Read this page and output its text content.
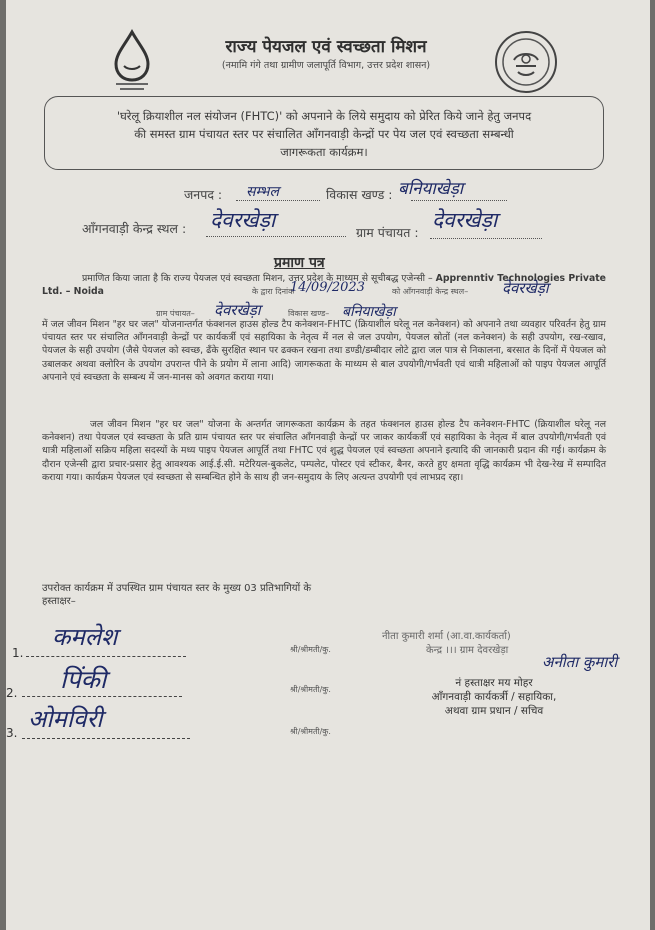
राज्य पेयजल एवं स्वच्छता मिशन
(नमामि गंगे तथा ग्रामीण जलापूर्ति विभाग, उत्तर प्रदेश शासन)
'घरेलू क्रियाशील नल संयोजन (FHTC)' को अपनाने के लिये समुदाय को प्रेरित किये जाने हेतु जनपद
की समस्त ग्राम पंचायत स्तर पर संचालित ऑंगनवाड़ी केन्द्रों पर पेय जल एवं स्वच्छता सम्बन्धी
जागरूकता कार्यक्रम।
जनपद : सम्भल	विकास खण्ड : बनियाखेड़ा
ऑंगनवाड़ी केन्द्र स्थल : देवरखेड़ा
ग्राम पंचायत :
देवरखेड़ा
प्रमाण पत्र
प्रमाणित किया जाता है कि राज्य पेयजल एवं स्वच्छता मिशन, उत्तर प्रदेश के माध्यम से सूचीबद्ध एजेन्सी – Apprenntiv Technologies Private Ltd. – Noida	के द्वारा दिनांक
14/09/2023	को ऑंगनवाड़ी केन्द्र स्थल– देवरखेड़ा
ग्राम पंचायत– देवरखेड़ा	विकास खण्ड– बनियाखेड़ा
में जल जीवन मिशन "हर घर जल" योजनान्तर्गत फंक्शनल हाउस होल्ड टैप कनेक्शन-FHTC (क्रियाशील घरेलू नल कनेक्शन) को अपनाने तथा व्यवहार परिवर्तन हेतु ग्राम पंचायत स्तर पर संचालित ऑंगनवाड़ी केन्द्रों पर कार्यकर्त्री एवं सहायिका के नेतृत्व में नल से जल उपयोग, पेयजल स्रोतों (नल कनेक्शन) के सही उपयोग, रख-रखाव, पेयजल के सही उपयोग (जैसे पेयजल को स्वच्छ, ढँके सुरक्षित स्थान पर ढक्कन रखना तथा डण्डी/डम्बीदार लोटे द्वारा जल पात्र से निकालना, बरसात के दिनों में पेयजल को उबालकर अथवा क्लोरिन के उपयोग उपरान्त पीने के प्रयोग में लाना आदि) जागरूकता के माध्यम से बाल उपयोगी/गर्भवती एवं धात्री महिलाओं को पाइप पेयजल आपूर्ति अपनाने एवं स्वच्छता के सम्बन्ध में जन-मानस को अवगत कराया गया।
जल जीवन मिशन "हर घर जल" योजना के अन्तर्गत जागरूकता कार्यक्रम के तहत फंक्शनल हाउस होल्ड टैप कनेक्शन-FHTC (क्रियाशील घरेलू नल कनेक्शन) तथा पेयजल एवं स्वच्छता के प्रति ग्राम पंचायत स्तर पर संचालित ऑंगनवाड़ी केन्द्रों पर जाकर कार्यकर्त्री एवं सहायिका के नेतृत्व में बाल उपयोगी/गर्भवती एवं धात्री महिलाओं सक्रिय महिला सदस्यों के मध्य पाइप पेयजल आपूर्ति तथा FHTC एवं शुद्ध पेयजल एवं स्वच्छता अपनाने इत्यादि की जानकारी प्रदान की गई। कार्यक्रम के दौरान एजेन्सी द्वारा प्रचार-प्रसार हेतु आवश्यक आई.ई.सी. मटेरियल-बुकलेट, पम्पलेट, पोस्टर एवं स्टीकर, बैनर, करते हुए क्षमता वृद्धि कार्यक्रम भी देख-रेख में सम्पादित कराया गया। कार्यक्रम पेयजल एवं स्वच्छता से सम्बन्धित होने के साथ ही जन-समुदाय के लिए अत्यन्त उपयोगी एवं लाभप्रद रहा।
उपरोक्त कार्यक्रम में उपस्थित ग्राम पंचायत स्तर के मुख्य 03 प्रतिभागियों के
हस्ताक्षर–
1.
कमलेश	श्री/श्रीमती/कु.
2. पिंकी	श्री/श्रीमती/कु.
3. ओमविरी	श्री/श्रीमती/कु.
नीता कुमारी शर्मा (आ.वा.कार्यकर्ता)
केन्द्र ।।। ग्राम देवरखेड़ा
अनीता कुमारी
नं हस्ताक्षर मय मोहर
ऑंगनवाड़ी कार्यकर्त्री / सहायिका,
अथवा ग्राम प्रधान / सचिव
